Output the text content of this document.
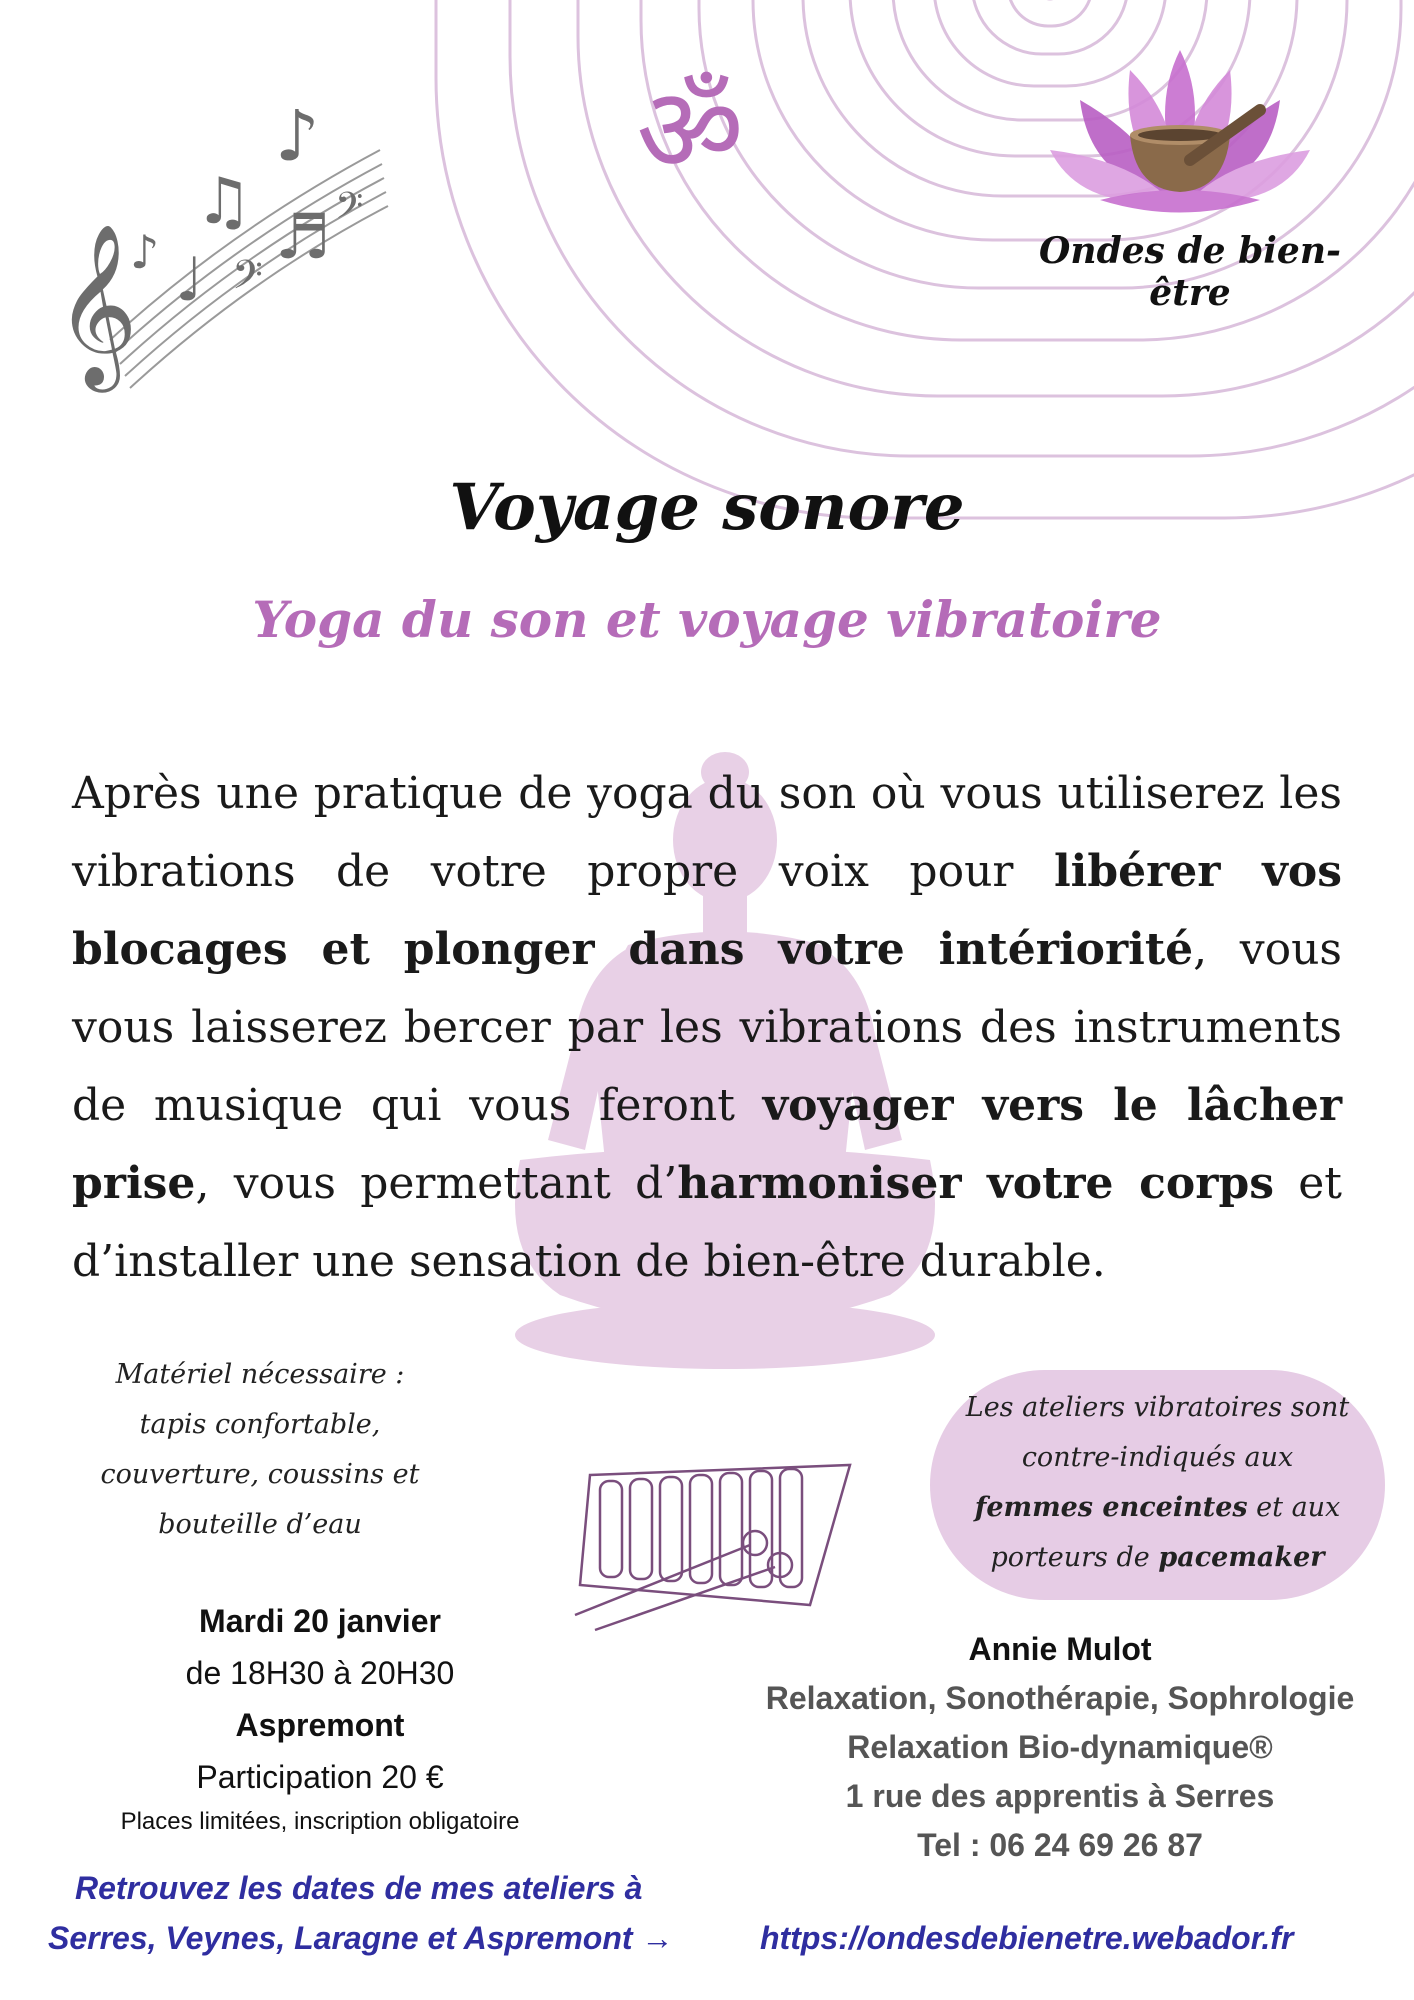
ॐ
𝄞
♪
♫
♩
♬
♪ 𝄢
𝄢
Ondes de bien-être
Voyage sonore
Yoga du son et voyage vibratoire
Après une pratique de yoga du son où vous utiliserez les vibrations de votre propre voix pour libérer vos blocages et plonger dans votre intériorité, vous vous laisserez bercer par les vibrations des instruments de musique qui vous feront voyager vers le lâcher prise, vous permettant d’harmoniser votre corps et d’installer une sensation de bien-être durable.
Matériel nécessaire :
tapis confortable,
couverture, coussins et
bouteille d’eau
Les ateliers vibratoires sont
contre-indiqués aux
femmes enceintes et aux
porteurs de pacemaker
Mardi 20 janvier
de 18H30 à 20H30
Aspremont
Participation 20 €
Places limitées, inscription obligatoire
Annie Mulot
Relaxation, Sonothérapie, Sophrologie
Relaxation Bio-dynamique®
1 rue des apprentis à Serres
Tel : 06 24 69 26 87
Retrouvez les dates de mes ateliers à
Serres, Veynes, Laragne et Aspremont →	https://ondesdebienetre.webador.fr
